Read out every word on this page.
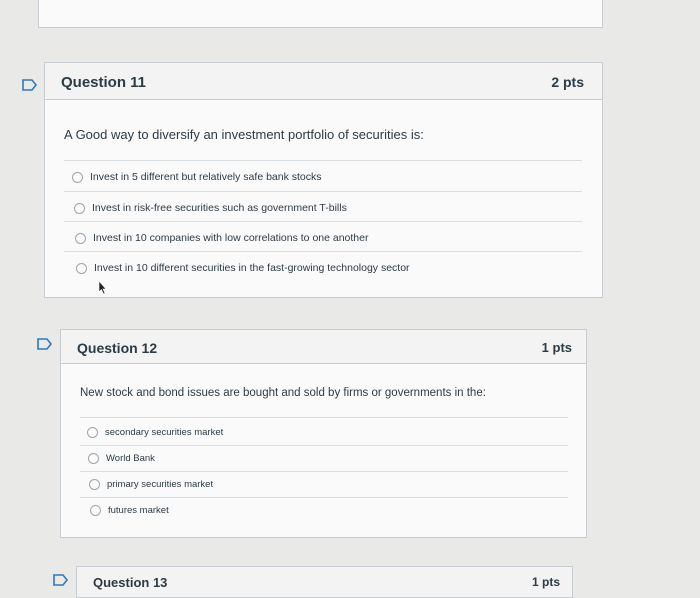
Question 11	2 pts
A Good way to diversify an investment portfolio of securities is:
Invest in 5 different but relatively safe bank stocks
Invest in risk-free securities such as government T-bills
Invest in 10 companies with low correlations to one another
Invest in 10 different securities in the fast-growing technology sector
Question 12	1 pts
New stock and bond issues are bought and sold by firms or governments in the:
secondary securities market
World Bank
primary securities market
futures market
Question 13	1 pts
